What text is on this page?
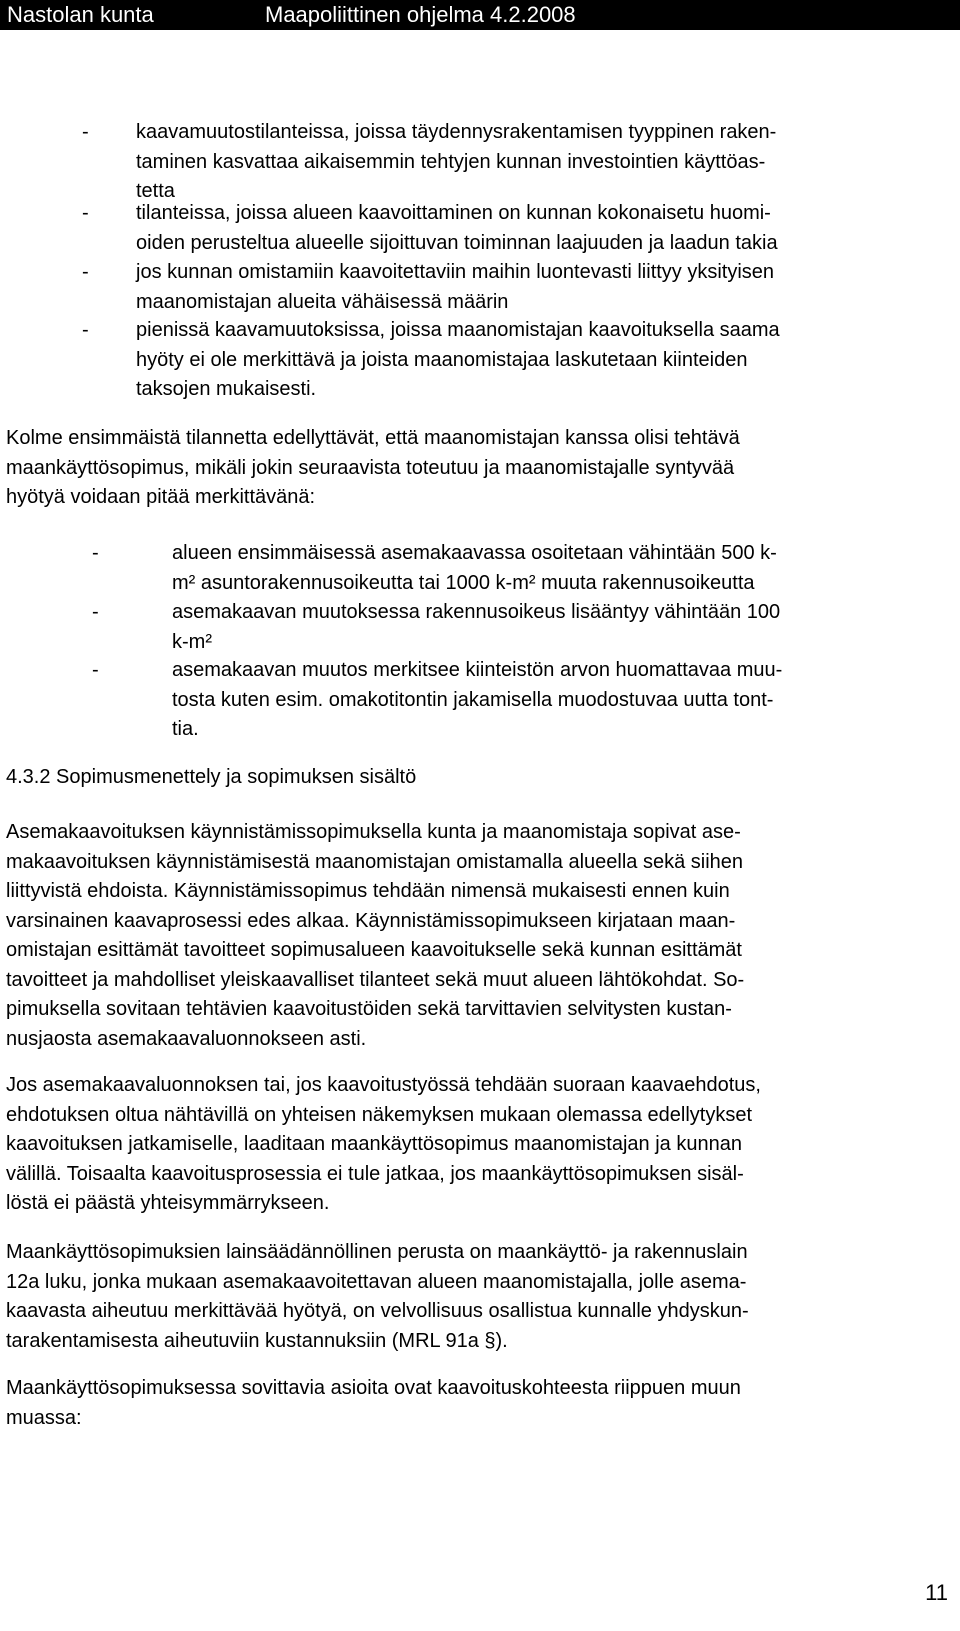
Nastolan kunta	Maapoliittinen ohjelma 4.2.2008
- kaavamuutostilanteissa, joissa täydennysrakentamisen tyyppinen raken-
taminen kasvattaa aikaisemmin tehtyjen kunnan investointien käyttöas-
tetta
- tilanteissa, joissa alueen kaavoittaminen on kunnan kokonaisetu huomi-
oiden perusteltua alueelle sijoittuvan toiminnan laajuuden ja laadun takia
- jos kunnan omistamiin kaavoitettaviin maihin luontevasti liittyy yksityisen
maanomistajan alueita vähäisessä määrin
- pienissä kaavamuutoksissa, joissa maanomistajan kaavoituksella saama
hyöty ei ole merkittävä ja joista maanomistajaa laskutetaan kiinteiden
taksojen mukaisesti.
Kolme ensimmäistä tilannetta edellyttävät, että maanomistajan kanssa olisi tehtävä
maankäyttösopimus, mikäli jokin seuraavista toteutuu ja maanomistajalle syntyvää
hyötyä voidaan pitää merkittävänä:
-	alueen ensimmäisessä asemakaavassa osoitetaan vähintään 500 k-
m² asuntorakennusoikeutta tai 1000 k-m² muuta rakennusoikeutta
-	asemakaavan muutoksessa rakennusoikeus lisääntyy vähintään 100
k-m²
-	asemakaavan muutos merkitsee kiinteistön arvon huomattavaa muu-
tosta kuten esim. omakotitontin jakamisella muodostuvaa uutta tont-
tia.
4.3.2 Sopimusmenettely ja sopimuksen sisältö
Asemakaavoituksen käynnistämissopimuksella kunta ja maanomistaja sopivat ase-
makaavoituksen käynnistämisestä maanomistajan omistamalla alueella sekä siihen
liittyvistä ehdoista. Käynnistämissopimus tehdään nimensä mukaisesti ennen kuin
varsinainen kaavaprosessi edes alkaa. Käynnistämissopimukseen kirjataan maan-
omistajan esittämät tavoitteet sopimusalueen kaavoitukselle sekä kunnan esittämät
tavoitteet ja mahdolliset yleiskaavalliset tilanteet sekä muut alueen lähtökohdat. So-
pimuksella sovitaan tehtävien kaavoitustöiden sekä tarvittavien selvitysten kustan-
nusjaosta asemakaavaluonnokseen asti.
Jos asemakaavaluonnoksen tai, jos kaavoitustyössä tehdään suoraan kaavaehdotus,
ehdotuksen oltua nähtävillä on yhteisen näkemyksen mukaan olemassa edellytykset
kaavoituksen jatkamiselle, laaditaan maankäyttösopimus maanomistajan ja kunnan
välillä. Toisaalta kaavoitusprosessia ei tule jatkaa, jos maankäyttösopimuksen sisäl-
löstä ei päästä yhteisymmärrykseen.
Maankäyttösopimuksien lainsäädännöllinen perusta on maankäyttö- ja rakennuslain
12a luku, jonka mukaan asemakaavoitettavan alueen maanomistajalla, jolle asema-
kaavasta aiheutuu merkittävää hyötyä, on velvollisuus osallistua kunnalle yhdyskun-
tarakentamisesta aiheutuviin kustannuksiin (MRL 91a §).
Maankäyttösopimuksessa sovittavia asioita ovat kaavoituskohteesta riippuen muun
muassa:
11
